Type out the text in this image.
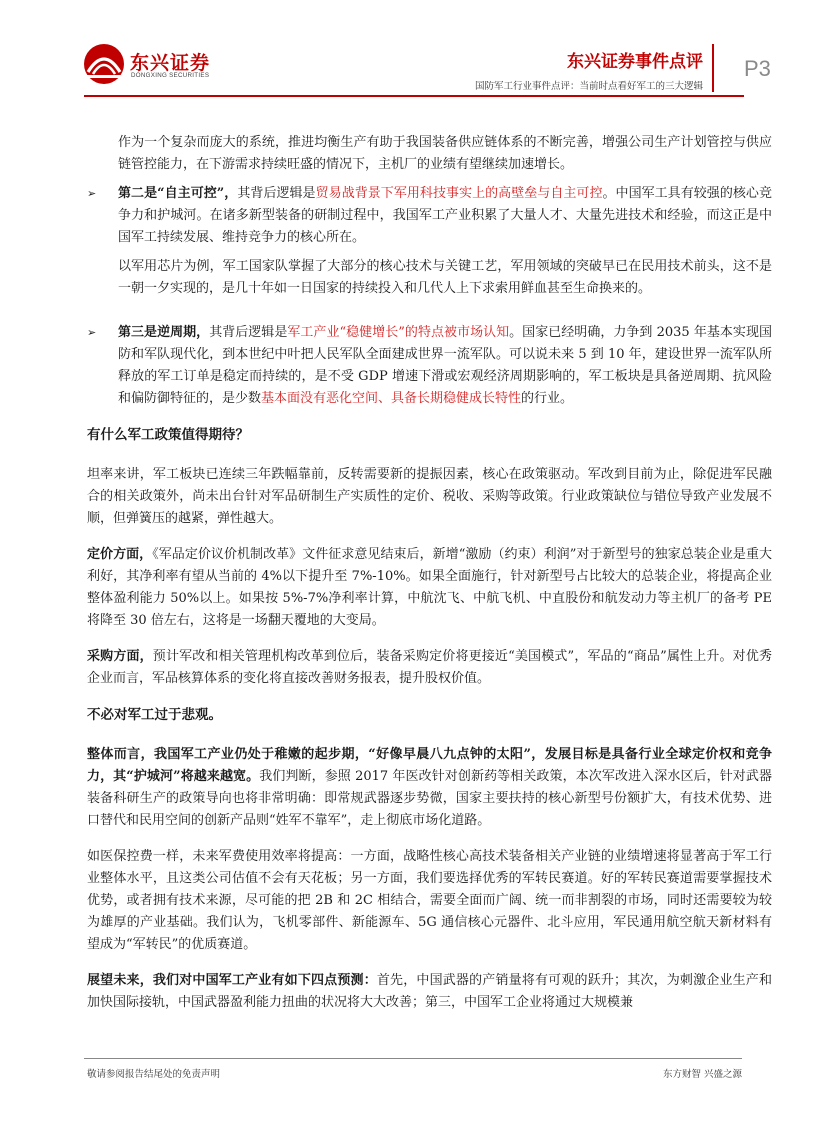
东兴证券
DONGXING SECURITIES
东兴证券事件点评
国防军工行业事件点评：当前时点看好军工的三大逻辑
P3

作为一个复杂而庞大的系统，推进均衡生产有助于我国装备供应链体系的不断完善，增强公司生产计划管控与供应链管控能力，在下游需求持续旺盛的情况下，主机厂的业绩有望继续加速增长。

➢ 第二是“自主可控”，其背后逻辑是贸易战背景下军用科技事实上的高壁垒与自主可控。中国军工具有较强的核心竞争力和护城河。在诸多新型装备的研制过程中，我国军工产业积累了大量人才、大量先进技术和经验，而这正是中国军工持续发展、维持竞争力的核心所在。

以军用芯片为例，军工国家队掌握了大部分的核心技术与关键工艺，军用领域的突破早已在民用技术前头，这不是一朝一夕实现的，是几十年如一日国家的持续投入和几代人上下求索用鲜血甚至生命换来的。

➢ 第三是逆周期，其背后逻辑是军工产业“稳健增长”的特点被市场认知。国家已经明确，力争到 2035 年基本实现国防和军队现代化，到本世纪中叶把人民军队全面建成世界一流军队。可以说未来 5 到 10 年，建设世界一流军队所释放的军工订单是稳定而持续的，是不受 GDP 增速下滑或宏观经济周期影响的，军工板块是具备逆周期、抗风险和偏防御特征的，是少数基本面没有恶化空间、具备长期稳健成长特性的行业。

有什么军工政策值得期待？

坦率来讲，军工板块已连续三年跌幅靠前，反转需要新的提振因素，核心在政策驱动。军改到目前为止，除促进军民融合的相关政策外，尚未出台针对军品研制生产实质性的定价、税收、采购等政策。行业政策缺位与错位导致产业发展不顺，但弹簧压的越紧，弹性越大。

定价方面，《军品定价议价机制改革》文件征求意见结束后，新增“激励（约束）利润”对于新型号的独家总装企业是重大利好，其净利率有望从当前的 4%以下提升至 7%-10%。如果全面施行，针对新型号占比较大的总装企业，将提高企业整体盈利能力 50%以上。如果按 5%-7%净利率计算，中航沈飞、中航飞机、中直股份和航发动力等主机厂的备考 PE 将降至 30 倍左右，这将是一场翻天覆地的大变局。

采购方面，预计军改和相关管理机构改革到位后，装备采购定价将更接近“美国模式”，军品的“商品”属性上升。对优秀企业而言，军品核算体系的变化将直接改善财务报表，提升股权价值。

不必对军工过于悲观。

整体而言，我国军工产业仍处于稚嫩的起步期，“好像早晨八九点钟的太阳”，发展目标是具备行业全球定价权和竞争力，其“护城河”将越来越宽。我们判断，参照 2017 年医改针对创新药等相关政策，本次军改进入深水区后，针对武器装备科研生产的政策导向也将非常明确：即常规武器逐步势微，国家主要扶持的核心新型号份额扩大，有技术优势、进口替代和民用空间的创新产品则“姓军不靠军”，走上彻底市场化道路。

如医保控费一样，未来军费使用效率将提高：一方面，战略性核心高技术装备相关产业链的业绩增速将显著高于军工行业整体水平，且这类公司估值不会有天花板；另一方面，我们要选择优秀的军转民赛道。好的军转民赛道需要掌握技术优势，或者拥有技术来源，尽可能的把 2B 和 2C 相结合，需要全面而广阔、统一而非割裂的市场，同时还需要较为较为雄厚的产业基础。我们认为，飞机零部件、新能源车、5G 通信核心元器件、北斗应用，军民通用航空航天新材料有望成为“军转民”的优质赛道。

展望未来，我们对中国军工产业有如下四点预测：首先，中国武器的产销量将有可观的跃升；其次，为刺激企业生产和加快国际接轨，中国武器盈利能力扭曲的状况将大大改善；第三，中国军工企业将通过大规模兼

敬请参阅报告结尾处的免责声明	东方财智 兴盛之源
